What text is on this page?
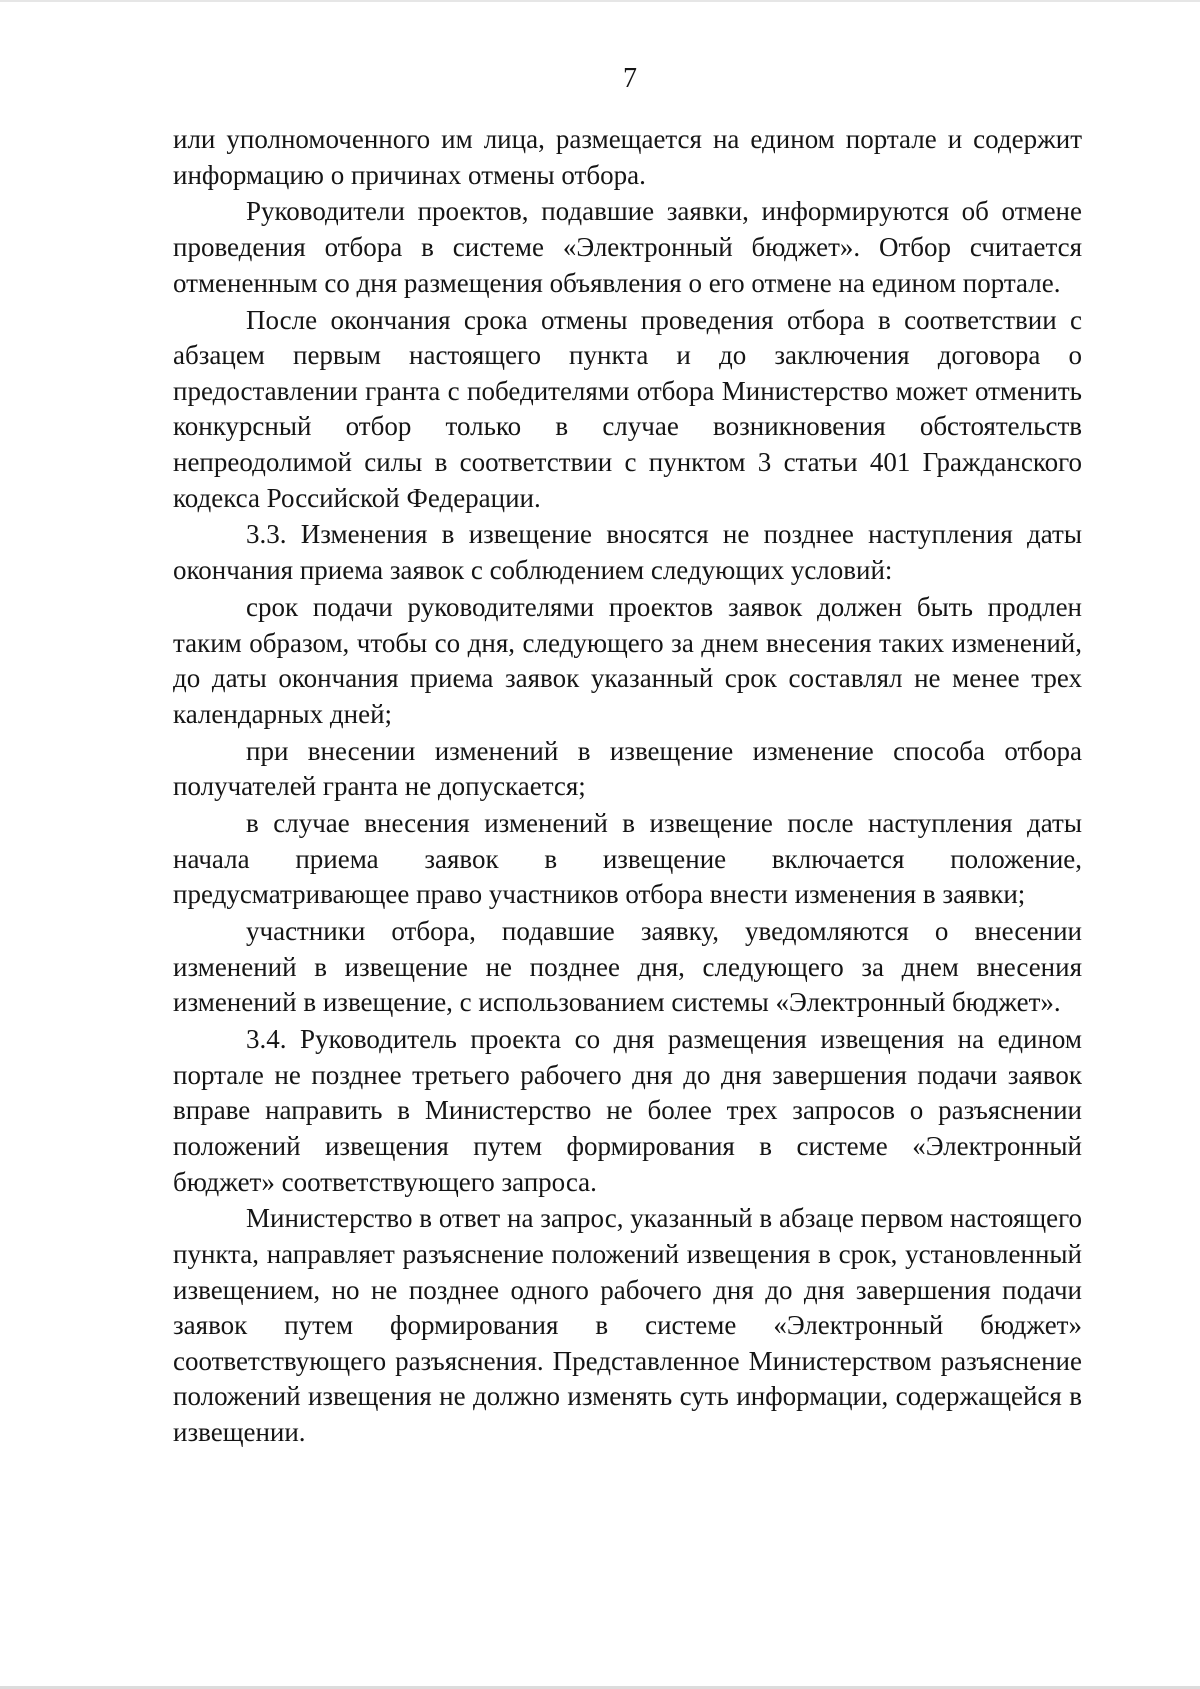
7

или уполномоченного им лица, размещается на едином портале и содержит информацию о причинах отмены отбора.

Руководители проектов, подавшие заявки, информируются об отмене проведения отбора в системе «Электронный бюджет». Отбор считается отмененным со дня размещения объявления о его отмене на едином портале.

После окончания срока отмены проведения отбора в соответствии с абзацем первым настоящего пункта и до заключения договора о предоставлении гранта с победителями отбора Министерство может отменить конкурсный отбор только в случае возникновения обстоятельств непреодолимой силы в соответствии с пунктом 3 статьи 401 Гражданского кодекса Российской Федерации.

3.3. Изменения в извещение вносятся не позднее наступления даты окончания приема заявок с соблюдением следующих условий:

срок подачи руководителями проектов заявок должен быть продлен таким образом, чтобы со дня, следующего за днем внесения таких изменений, до даты окончания приема заявок указанный срок составлял не менее трех календарных дней;

при внесении изменений в извещение изменение способа отбора получателей гранта не допускается;

в случае внесения изменений в извещение после наступления даты начала приема заявок в извещение включается положение, предусматривающее право участников отбора внести изменения в заявки;

участники отбора, подавшие заявку, уведомляются о внесении изменений в извещение не позднее дня, следующего за днем внесения изменений в извещение, с использованием системы «Электронный бюджет».

3.4. Руководитель проекта со дня размещения извещения на едином портале не позднее третьего рабочего дня до дня завершения подачи заявок вправе направить в Министерство не более трех запросов о разъяснении положений извещения путем формирования в системе «Электронный бюджет» соответствующего запроса.

Министерство в ответ на запрос, указанный в абзаце первом настоящего пункта, направляет разъяснение положений извещения в срок, установленный извещением, но не позднее одного рабочего дня до дня завершения подачи заявок путем формирования в системе «Электронный бюджет» соответствующего разъяснения. Представленное Министерством разъяснение положений извещения не должно изменять суть информации, содержащейся в извещении.
